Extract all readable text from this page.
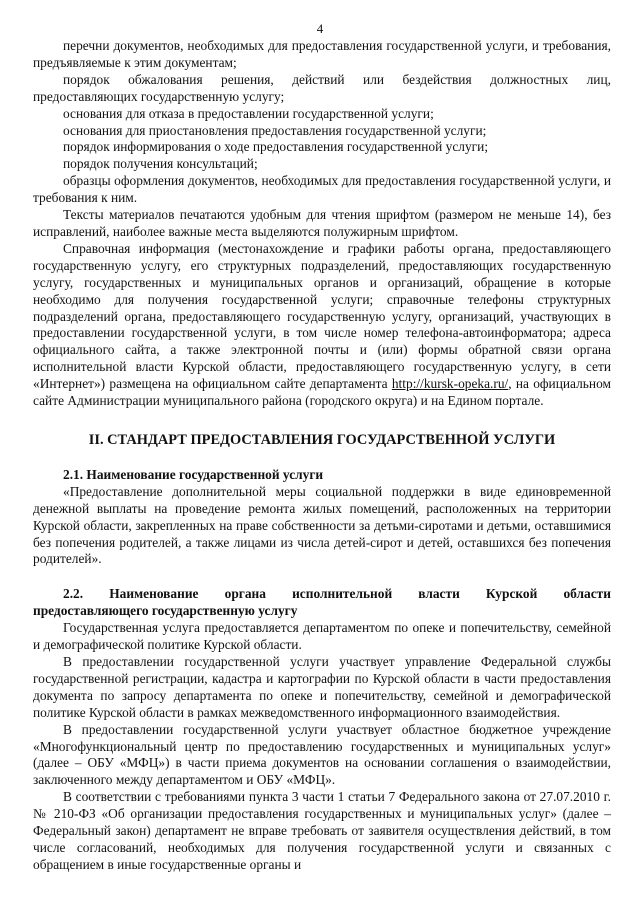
4

перечни документов, необходимых для предоставления государственной услуги, и требования, предъявляемые к этим документам;

порядок обжалования решения, действий или бездействия должностных лиц, предоставляющих государственную услугу;

основания для отказа в предоставлении государственной услуги;

основания для приостановления предоставления государственной услуги;

порядок информирования о ходе предоставления государственной услуги;

порядок получения консультаций;

образцы оформления документов, необходимых для предоставления государственной услуги, и требования к ним.

Тексты материалов печатаются удобным для чтения шрифтом (размером не меньше 14), без исправлений, наиболее важные места выделяются полужирным шрифтом.

Справочная информация (местонахождение и графики работы органа, предоставляющего государственную услугу, его структурных подразделений, предоставляющих государственную услугу, государственных и муниципальных органов и организаций, обращение в которые необходимо для получения государственной услуги; справочные телефоны структурных подразделений органа, предоставляющего государственную услугу, организаций, участвующих в предоставлении государственной услуги, в том числе номер телефона-автоинформатора; адреса официального сайта, а также электронной почты и (или) формы обратной связи органа исполнительной власти Курской области, предоставляющего государственную услугу, в сети «Интернет») размещена на официальном сайте департамента http://kursk-opeka.ru/, на официальном сайте Администрации муниципального района (городского округа) и на Едином портале.

II. СТАНДАРТ ПРЕДОСТАВЛЕНИЯ ГОСУДАРСТВЕННОЙ УСЛУГИ

2.1. Наименование государственной услуги

«Предоставление дополнительной меры социальной поддержки в виде единовременной денежной выплаты на проведение ремонта жилых помещений, расположенных на территории Курской области, закрепленных на праве собственности за детьми-сиротами и детьми, оставшимися без попечения родителей, а также лицами из числа детей-сирот и детей, оставшихся без попечения родителей».

2.2. Наименование органа исполнительной власти Курской области

предоставляющего государственную услугу

Государственная услуга предоставляется департаментом по опеке и попечительству, семейной и демографической политике Курской области.

В предоставлении государственной услуги участвует управление Федеральной службы государственной регистрации, кадастра и картографии по Курской области в части предоставления документа по запросу департамента по опеке и попечительству, семейной и демографической политике Курской области в рамках межведомственного информационного взаимодействия.

В предоставлении государственной услуги участвует областное бюджетное учреждение «Многофункциональный центр по предоставлению государственных и муниципальных услуг» (далее – ОБУ «МФЦ») в части приема документов на основании соглашения о взаимодействии, заключенного между департаментом и ОБУ «МФЦ».

В соответствии с требованиями пункта 3 части 1 статьи 7 Федерального закона от 27.07.2010 г. № 210-ФЗ «Об организации предоставления государственных и муниципальных услуг» (далее – Федеральный закон) департамент не вправе требовать от заявителя осуществления действий, в том числе согласований, необходимых для получения государственной услуги и связанных с обращением в иные государственные органы и
